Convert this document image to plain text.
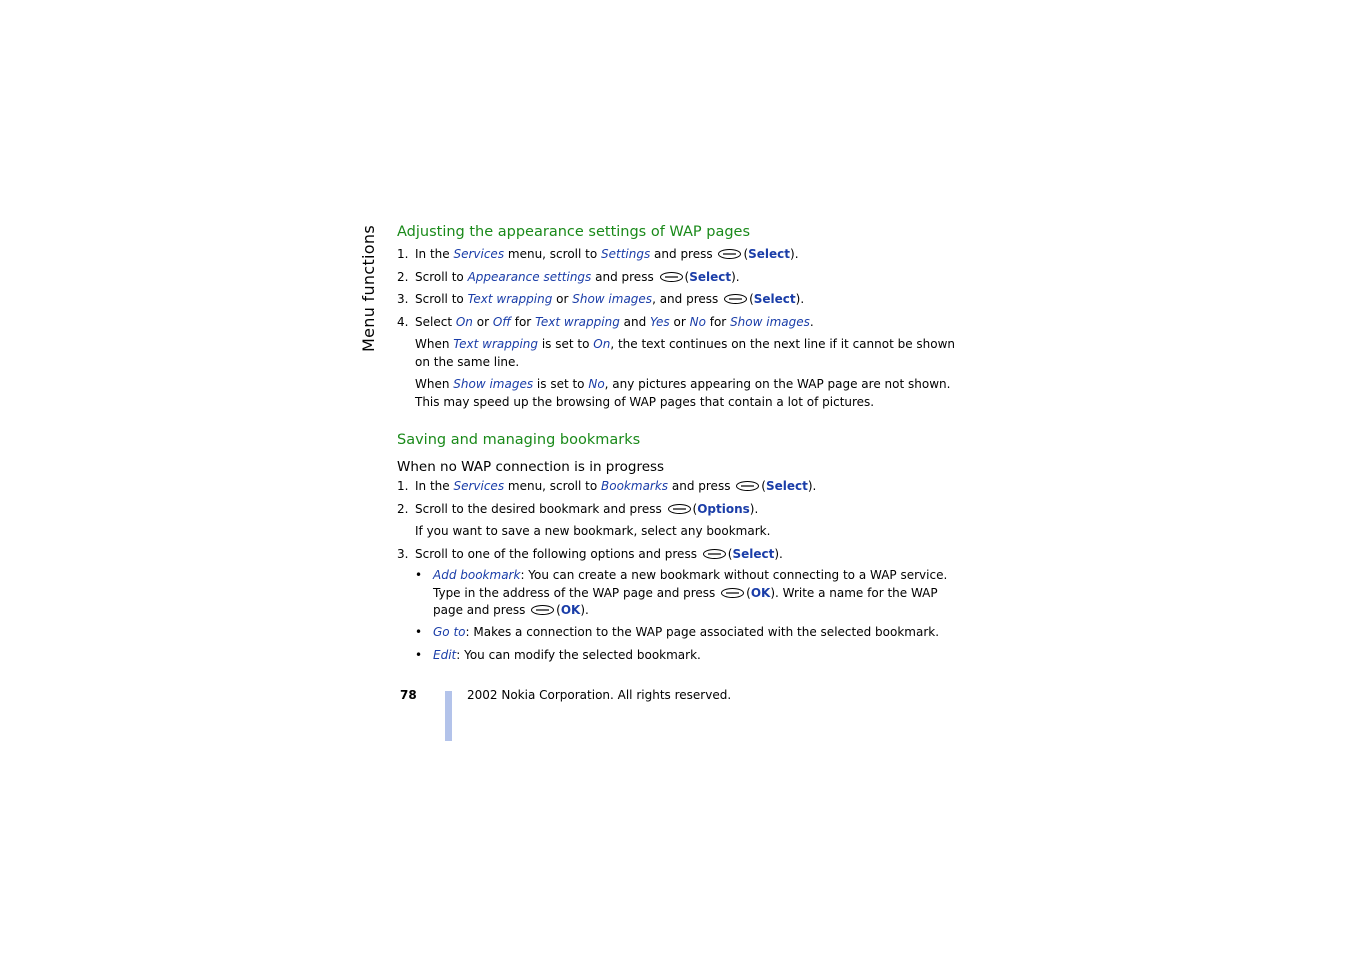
Menu functions Adjusting the appearance settings of WAP pages
1. In the Services menu, scroll to Settings and press
(Select).
2. Scroll to Appearance settings and press
(Select).
3. Scroll to Text wrapping or Show images, and press
(Select).
4. Select On or Off for Text wrapping and Yes or No for Show images.
When Text wrapping is set to On, the text continues on the next line if it cannot be shown on the same line.
When Show images is set to No, any pictures appearing on the WAP page are not shown. This may speed up the browsing of WAP pages that contain a lot of pictures.
Saving and managing bookmarks
When no WAP connection is in progress
1. In the Services menu, scroll to Bookmarks and press
(Select).
2. Scroll to the desired bookmark and press
(Options).
If you want to save a new bookmark, select any bookmark.
3. Scroll to one of the following options and press
(Select).
• Add bookmark: You can create a new bookmark without connecting to a WAP service. Type in the address of the WAP page and press
(OK). Write a name for the WAP page and press
(OK).
• Go to: Makes a connection to the WAP page associated with the selected bookmark.
• Edit: You can modify the selected bookmark.
78	2002 Nokia Corporation. All rights reserved.
